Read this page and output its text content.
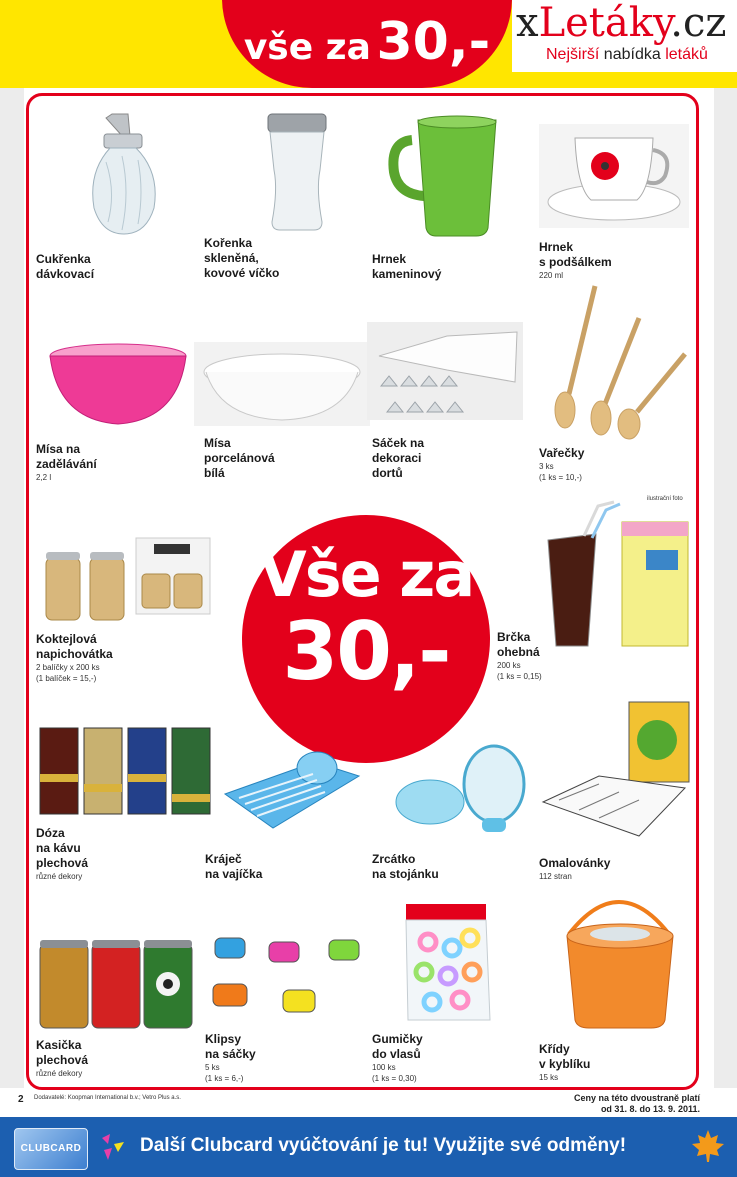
vše za 30,- xLetáky.cz
Nejširší nabídka letáků
Cukřenka
dávkovací
Kořenka
skleněná,
kovové víčko
Hrnek
kameninový
Hrnek
s podšálkem
220 ml
Mísa na
zadělávání
2,2 l
Mísa
porcelánová
bílá
Sáček na
dekoraci
dortů
Vařečky
3 ks
(1 ks = 10,-)
ilustrační foto
Koktejlová
napichovátka
2 balíčky x 200 ks
(1 balíček = 15,-)
Vše za
30,-	Brčka
ohebná
200 ks
(1 ks = 0,15)
Dóza
na kávu
plechová
různé dekory
Kráječ
na vajíčka
Zrcátko
na stojánku
Omalovánky
112 stran
Kasička
plechová
různé dekory
Klipsy
na sáčky
5 ks
(1 ks = 6,-)
Gumičky
do vlasů
100 ks
(1 ks = 0,30)
Křídy
v kyblíku
15 ks
2 Dodavatelé: Koopman International b.v.; Vetro Plus a.s.	Ceny na této dvoustraně platí
od 31. 8. do 13. 9. 2011.
CLUBCARD	Další Clubcard vyúčtování je tu! Využijte své odměny!
